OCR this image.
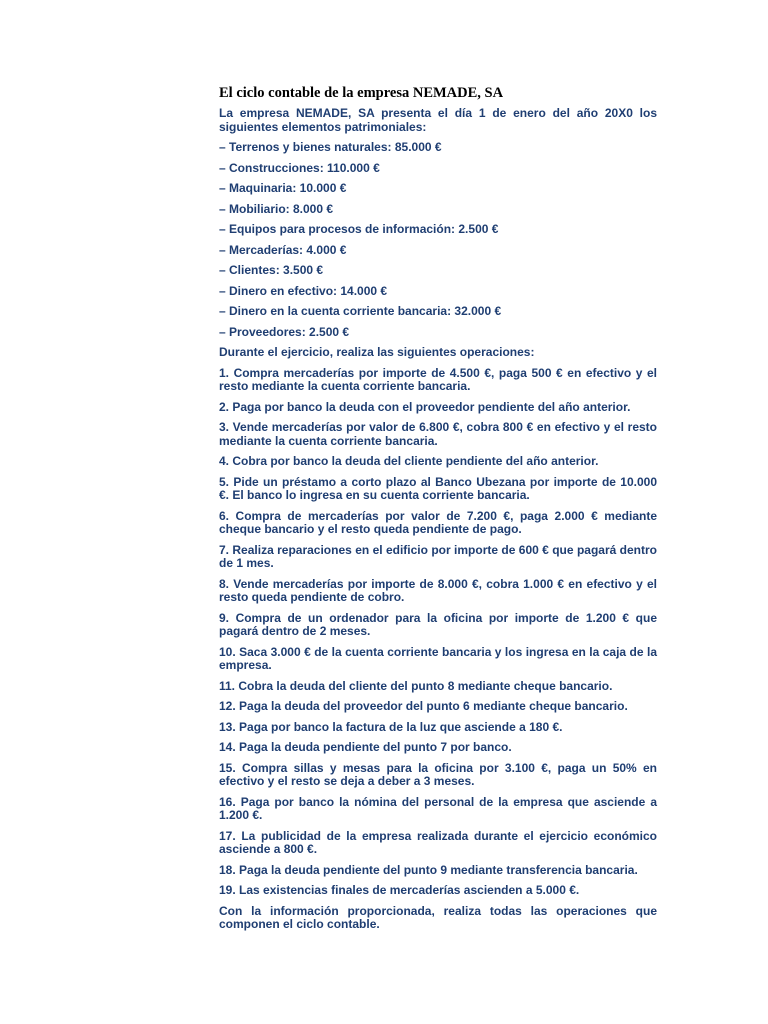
El ciclo contable de la empresa NEMADE, SA

La empresa NEMADE, SA presenta el día 1 de enero del año 20X0 los siguientes elementos patrimoniales:

– Terrenos y bienes naturales: 85.000 €

– Construcciones: 110.000 €

– Maquinaria: 10.000 €

– Mobiliario: 8.000 €

– Equipos para procesos de información: 2.500 €

– Mercaderías: 4.000 €

– Clientes: 3.500 €

– Dinero en efectivo: 14.000 €

– Dinero en la cuenta corriente bancaria: 32.000 €

– Proveedores: 2.500 €

Durante el ejercicio, realiza las siguientes operaciones:

1. Compra mercaderías por importe de 4.500 €, paga 500 € en efectivo y el resto mediante la cuenta corriente bancaria.

2. Paga por banco la deuda con el proveedor pendiente del año anterior.

3. Vende mercaderías por valor de 6.800 €, cobra 800 € en efectivo y el resto mediante la cuenta corriente bancaria.

4. Cobra por banco la deuda del cliente pendiente del año anterior.

5. Pide un préstamo a corto plazo al Banco Ubezana por importe de 10.000 €. El banco lo ingresa en su cuenta corriente bancaria.

6. Compra de mercaderías por valor de 7.200 €, paga 2.000 € mediante cheque bancario y el resto queda pendiente de pago.

7. Realiza reparaciones en el edificio por importe de 600 € que pagará dentro de 1 mes.

8. Vende mercaderías por importe de 8.000 €, cobra 1.000 € en efectivo y el resto queda pendiente de cobro.

9. Compra de un ordenador para la oficina por importe de 1.200 € que pagará dentro de 2 meses.

10. Saca 3.000 € de la cuenta corriente bancaria y los ingresa en la caja de la empresa.

11. Cobra la deuda del cliente del punto 8 mediante cheque bancario.

12. Paga la deuda del proveedor del punto 6 mediante cheque bancario.

13. Paga por banco la factura de la luz que asciende a 180 €.

14. Paga la deuda pendiente del punto 7 por banco.

15. Compra sillas y mesas para la oficina por 3.100 €, paga un 50% en efectivo y el resto se deja a deber a 3 meses.

16. Paga por banco la nómina del personal de la empresa que asciende a 1.200 €.

17. La publicidad de la empresa realizada durante el ejercicio económico asciende a 800 €.

18. Paga la deuda pendiente del punto 9 mediante transferencia bancaria.

19. Las existencias finales de mercaderías ascienden a 5.000 €.

Con la información proporcionada, realiza todas las operaciones que componen el ciclo contable.
